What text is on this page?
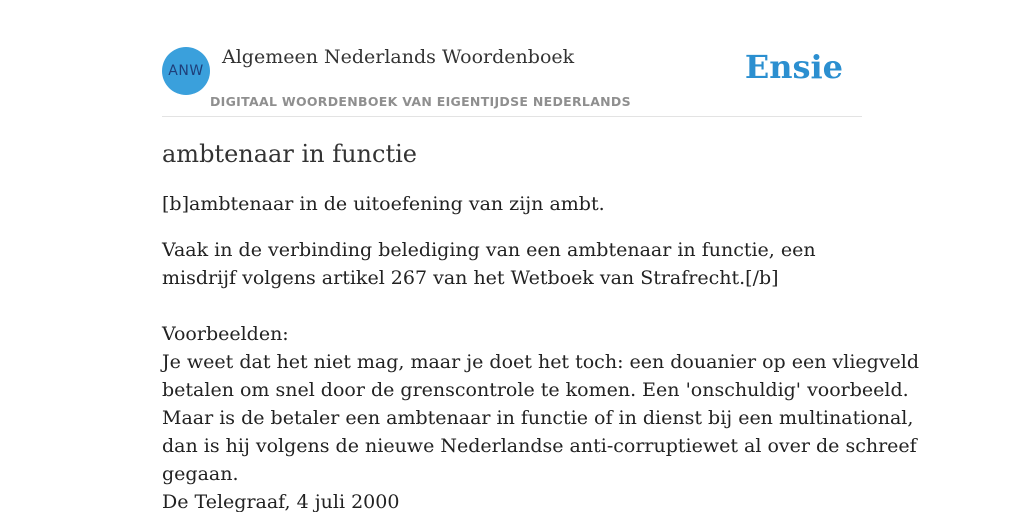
ANW
Algemeen Nederlands Woordenboek
DIGITAAL WOORDENBOEK VAN EIGENTIJDSE NEDERLANDS
Ensie
ambtenaar in functie

[b]ambtenaar in de uitoefening van zijn ambt.

Vaak in de verbinding belediging van een ambtenaar in functie, een misdrijf volgens artikel 267 van het Wetboek van Strafrecht.[/b]

Voorbeelden:
Je weet dat het niet mag, maar je doet het toch: een douanier op een vliegveld
betalen om snel door de grenscontrole te komen. Een 'onschuldig' voorbeeld.
Maar is de betaler een ambtenaar in functie of in dienst bij een multinational,
dan is hij volgens de nieuwe Nederlandse anti-corruptiewet al over de schreef
gegaan.
De Telegraaf, 4 juli 2000
